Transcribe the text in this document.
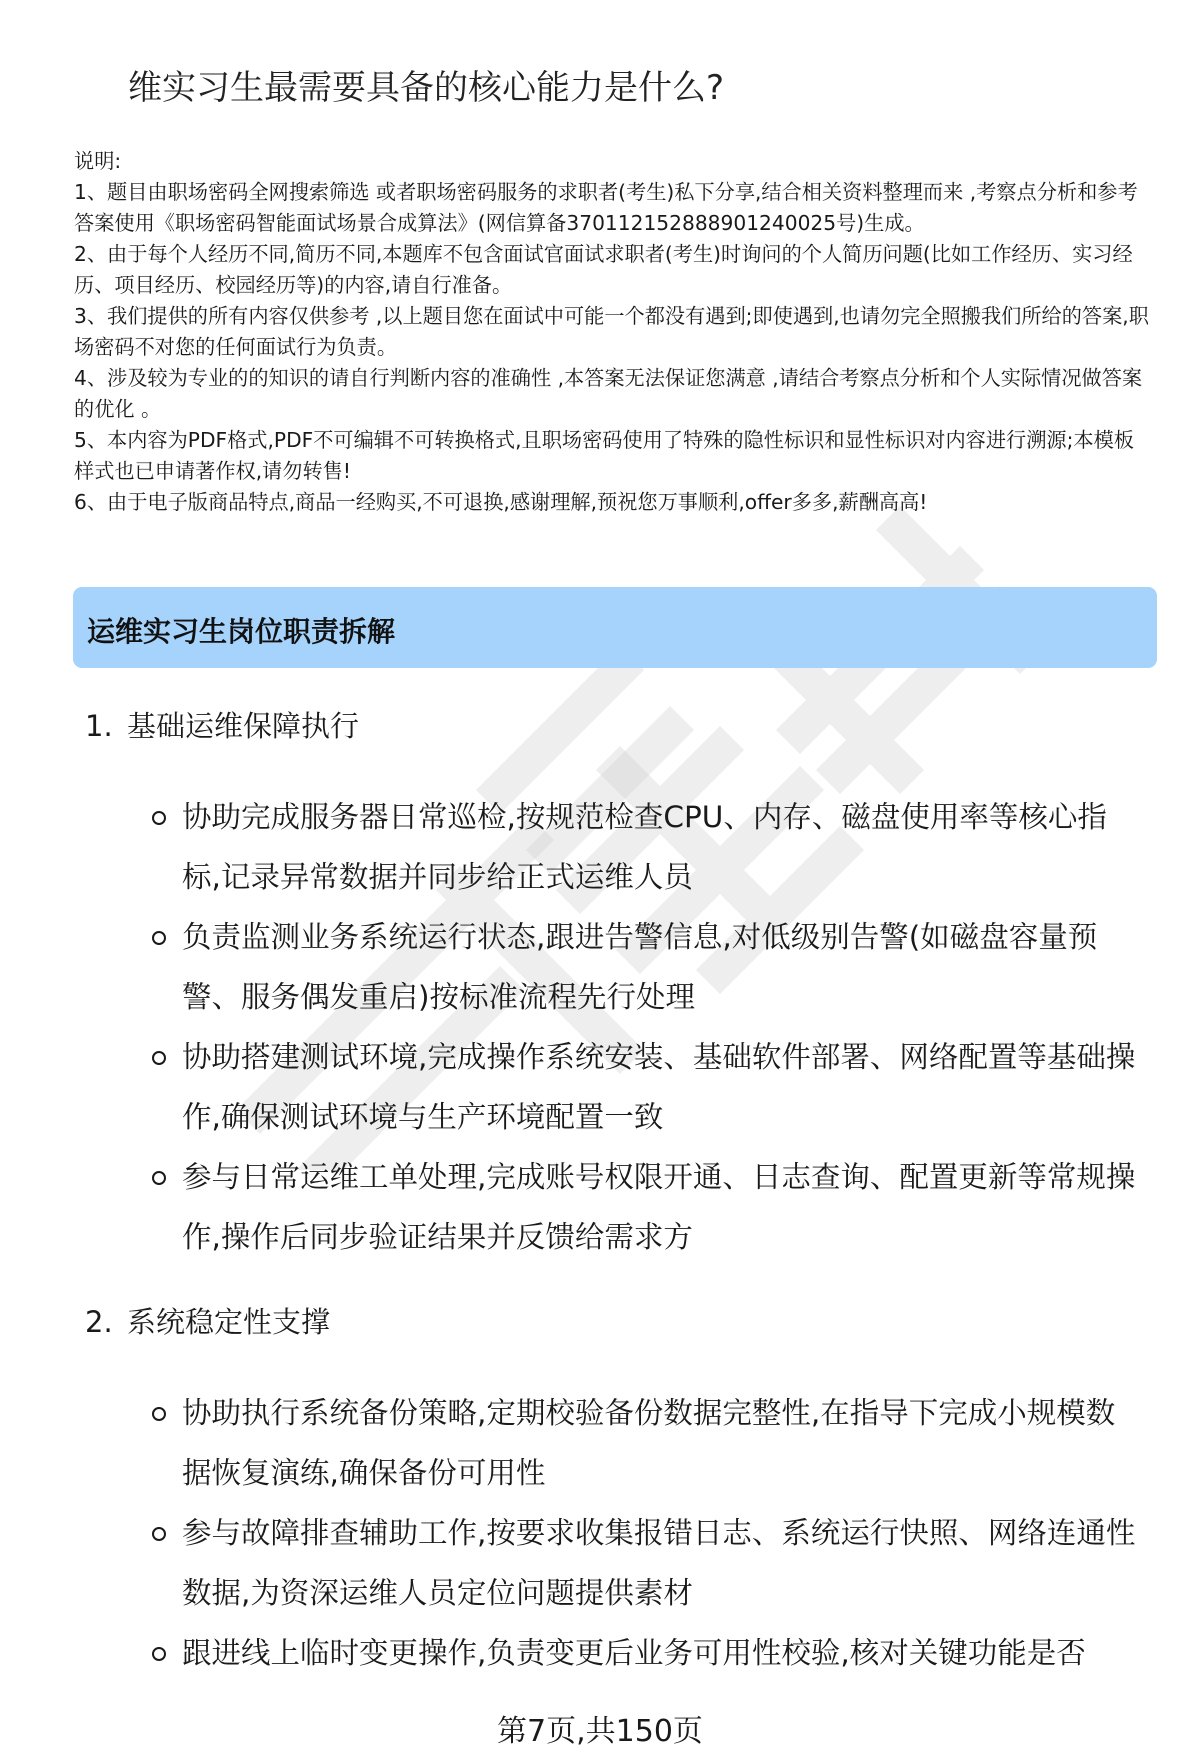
维实习生最需要具备的核心能力是什么?

说明:

1、题目由职场密码全网搜索筛选 或者职场密码服务的求职者(考生)私下分享,结合相关资料整理而来 ,考察点分析和参考答案使用《职场密码智能面试场景合成算法》(网信算备370112152888901240025号)生成。

2、由于每个人经历不同,简历不同,本题库不包含面试官面试求职者(考生)时询问的个人简历问题(比如工作经历、实习经历、项目经历、校园经历等)的内容,请自行准备。

3、我们提供的所有内容仅供参考 ,以上题目您在面试中可能一个都没有遇到;即使遇到,也请勿完全照搬我们所给的答案,职场密码不对您的任何面试行为负责。

4、涉及较为专业的的知识的请自行判断内容的准确性 ,本答案无法保证您满意 ,请结合考察点分析和个人实际情况做答案的优化 。

5、本内容为PDF格式,PDF不可编辑不可转换格式,且职场密码使用了特殊的隐性标识和显性标识对内容进行溯源;本模板样式也已申请著作权,请勿转售!

6、由于电子版商品特点,商品一经购买,不可退换,感谢理解,预祝您万事顺利,offer多多,薪酬高高!

运维实习生岗位职责拆解
1. 基础运维保障执行
协助完成服务器日常巡检,按规范检查CPU、内存、磁盘使用率等核心指标,记录异常数据并同步给正式运维人员
负责监测业务系统运行状态,跟进告警信息,对低级别告警(如磁盘容量预警、服务偶发重启)按标准流程先行处理
协助搭建测试环境,完成操作系统安装、基础软件部署、网络配置等基础操作,确保测试环境与生产环境配置一致
参与日常运维工单处理,完成账号权限开通、日志查询、配置更新等常规操作,操作后同步验证结果并反馈给需求方
2. 系统稳定性支撑
协助执行系统备份策略,定期校验备份数据完整性,在指导下完成小规模数据恢复演练,确保备份可用性
参与故障排查辅助工作,按要求收集报错日志、系统运行快照、网络连通性数据,为资深运维人员定位问题提供素材
跟进线上临时变更操作,负责变更后业务可用性校验,核对关键功能是否
第7页,共150页
